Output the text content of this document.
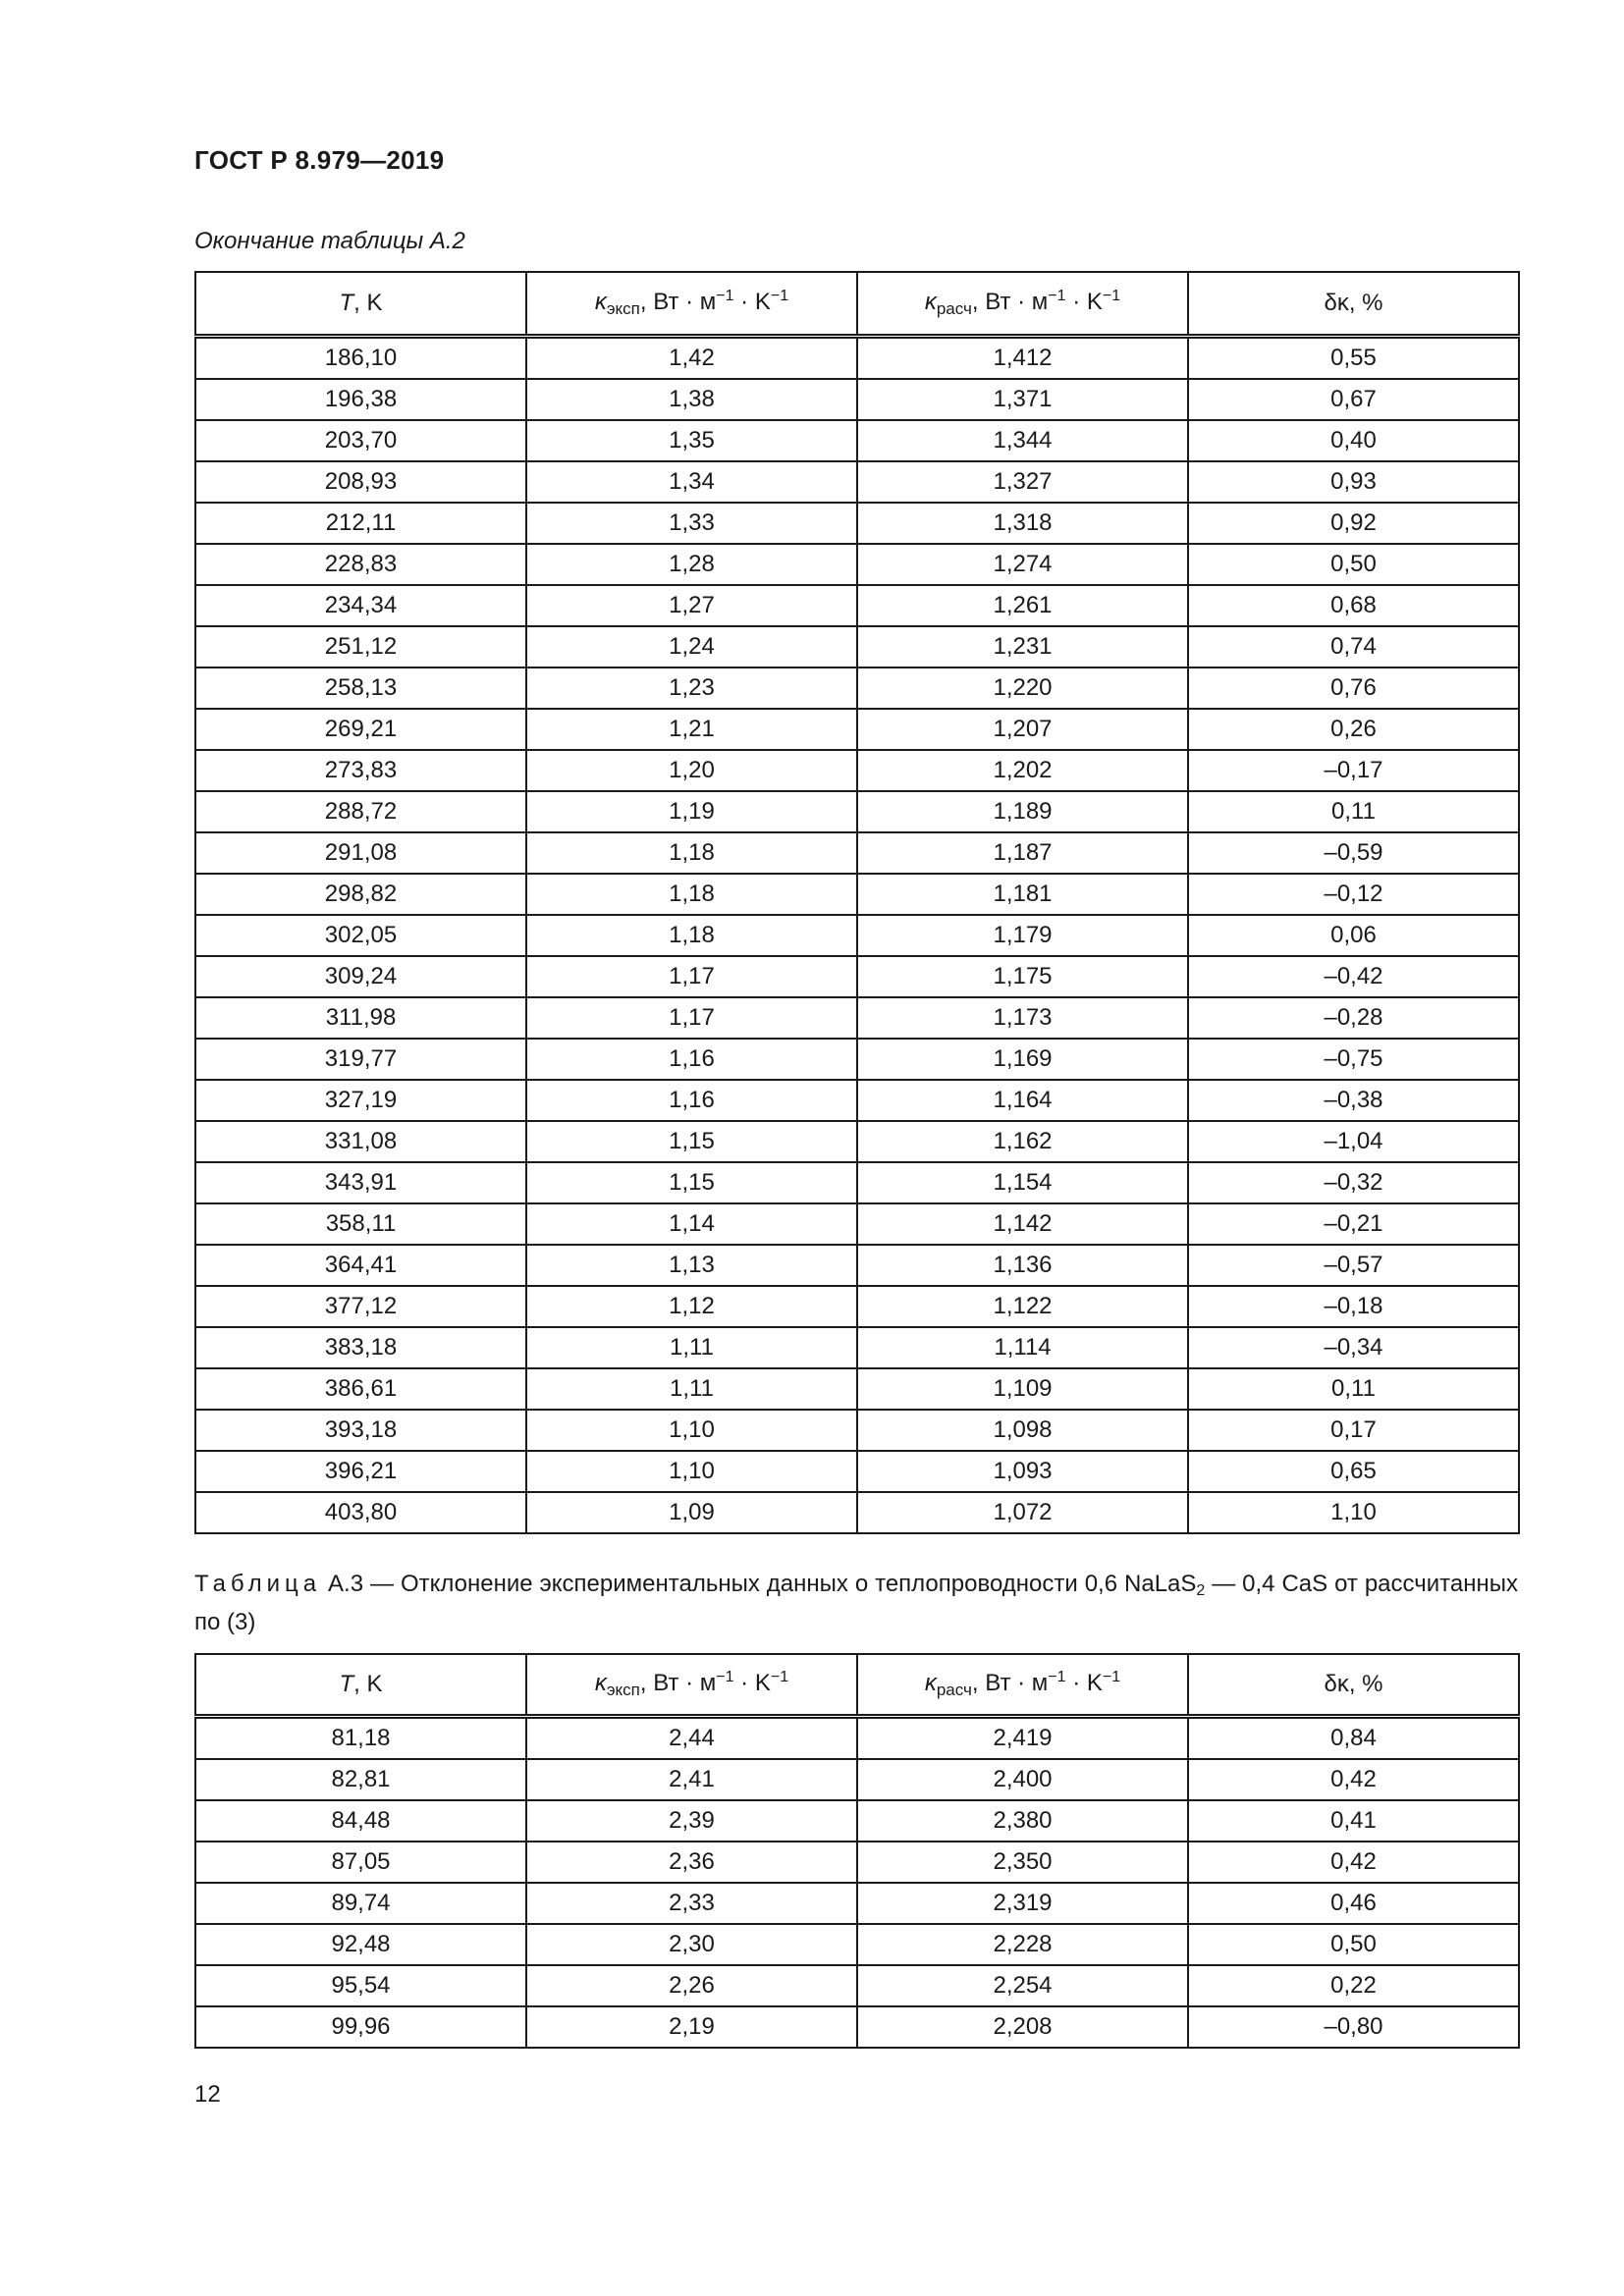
ГОСТ Р 8.979—2019
Окончание таблицы А.2
T, K	$\kappa_{эксп}$, Вт · $м^{-1} \cdot K^{-1}$	$\kappa_{расч}$, Вт · $м^{-1} \cdot K^{-1}$	δκ, %
186,10	1,42	1,412	0,55
196,38	1,38	1,371	0,67
203,70	1,35	1,344	0,40
208,93	1,34	1,327	0,93
212,11	1,33	1,318	0,92
228,83	1,28	1,274	0,50
234,34	1,27	1,261	0,68
251,12	1,24	1,231	0,74
258,13	1,23	1,220	0,76
269,21	1,21	1,207	0,26
273,83	1,20	1,202	–0,17
288,72	1,19	1,189	0,11
291,08	1,18	1,187	–0,59
298,82	1,18	1,181	–0,12
302,05	1,18	1,179	0,06
309,24	1,17	1,175	–0,42
311,98	1,17	1,173	–0,28
319,77	1,16	1,169	–0,75
327,19	1,16	1,164	–0,38
331,08	1,15	1,162	–1,04
343,91	1,15	1,154	–0,32
358,11	1,14	1,142	–0,21
364,41	1,13	1,136	–0,57
377,12	1,12	1,122	–0,18
383,18	1,11	1,114	–0,34
386,61	1,11	1,109	0,11
393,18	1,10	1,098	0,17
396,21	1,10	1,093	0,65
403,80	1,09	1,072	1,10
Таблица А.3 — Отклонение экспериментальных данных о теплопроводности 0,6 NaLaS$_2$ — 0,4 CaS от рассчитанных по (3)
T, K	$\kappa_{эксп}$, Вт · $м^{-1} \cdot K^{-1}$	$\kappa_{расч}$, Вт · $м^{-1} \cdot K^{-1}$	δκ, %
81,18	2,44	2,419	0,84
82,81	2,41	2,400	0,42
84,48	2,39	2,380	0,41
87,05	2,36	2,350	0,42
89,74	2,33	2,319	0,46
92,48	2,30	2,228	0,50
95,54	2,26	2,254	0,22
99,96	2,19	2,208	–0,80
12
